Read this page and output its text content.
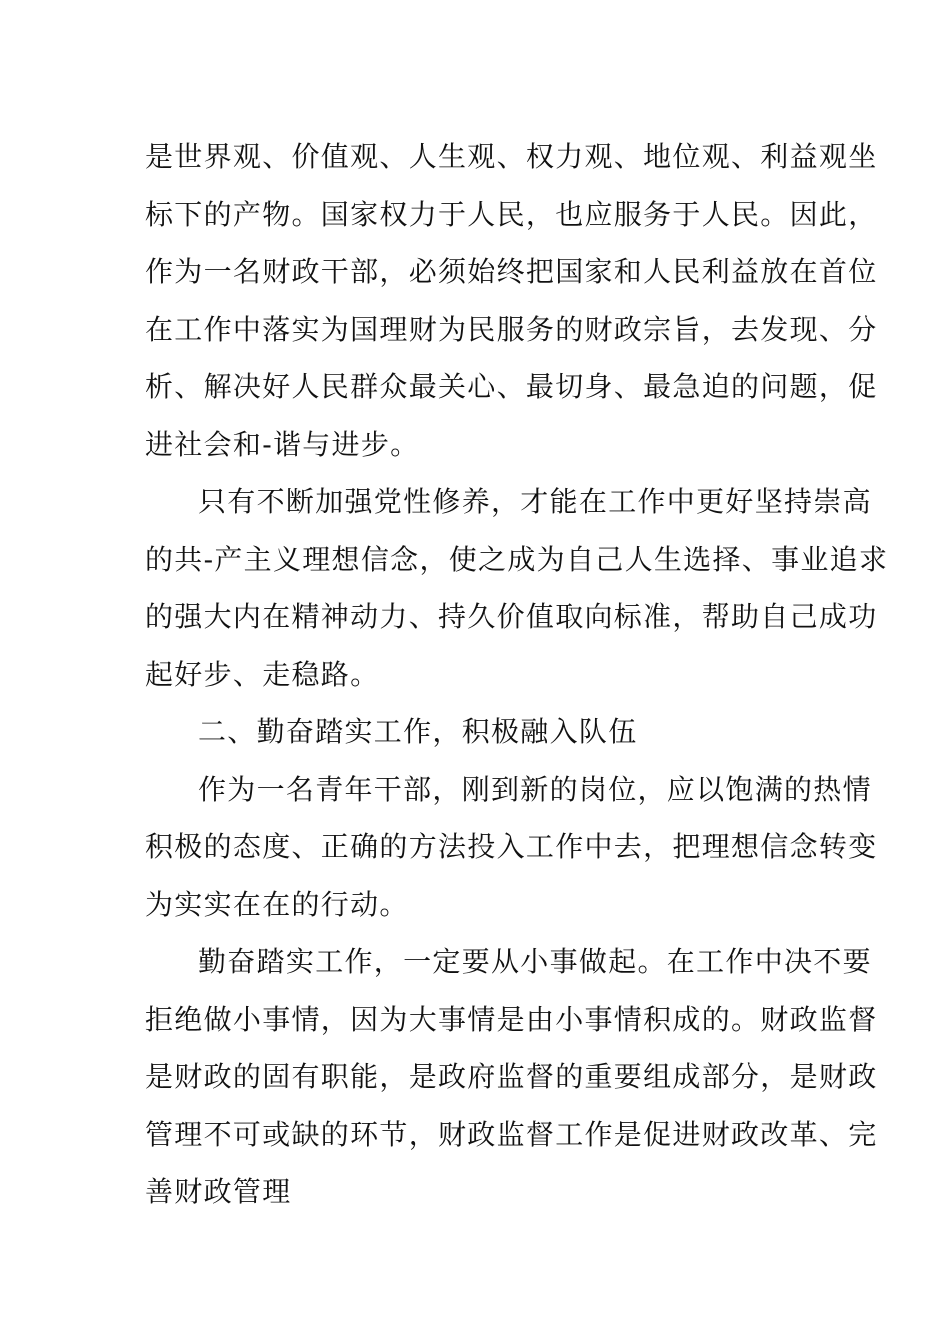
是世界观、价值观、人生观、权力观、地位观、利益观坐
标下的产物。国家权力于人民，也应服务于人民。因此，
作为一名财政干部，必须始终把国家和人民利益放在首位
在工作中落实为国理财为民服务的财政宗旨，去发现、分
析、解决好人民群众最关心、最切身、最急迫的问题，促
进社会和-谐与进步。
只有不断加强党性修养，才能在工作中更好坚持崇高
的共-产主义理想信念，使之成为自己人生选择、事业追求
的强大内在精神动力、持久价值取向标准，帮助自己成功
起好步、走稳路。
二、勤奋踏实工作，积极融入队伍
作为一名青年干部，刚到新的岗位，应以饱满的热情
积极的态度、正确的方法投入工作中去，把理想信念转变
为实实在在的行动。
勤奋踏实工作，一定要从小事做起。在工作中决不要
拒绝做小事情，因为大事情是由小事情积成的。财政监督
是财政的固有职能，是政府监督的重要组成部分，是财政
管理不可或缺的环节，财政监督工作是促进财政改革、完
善财政管理
